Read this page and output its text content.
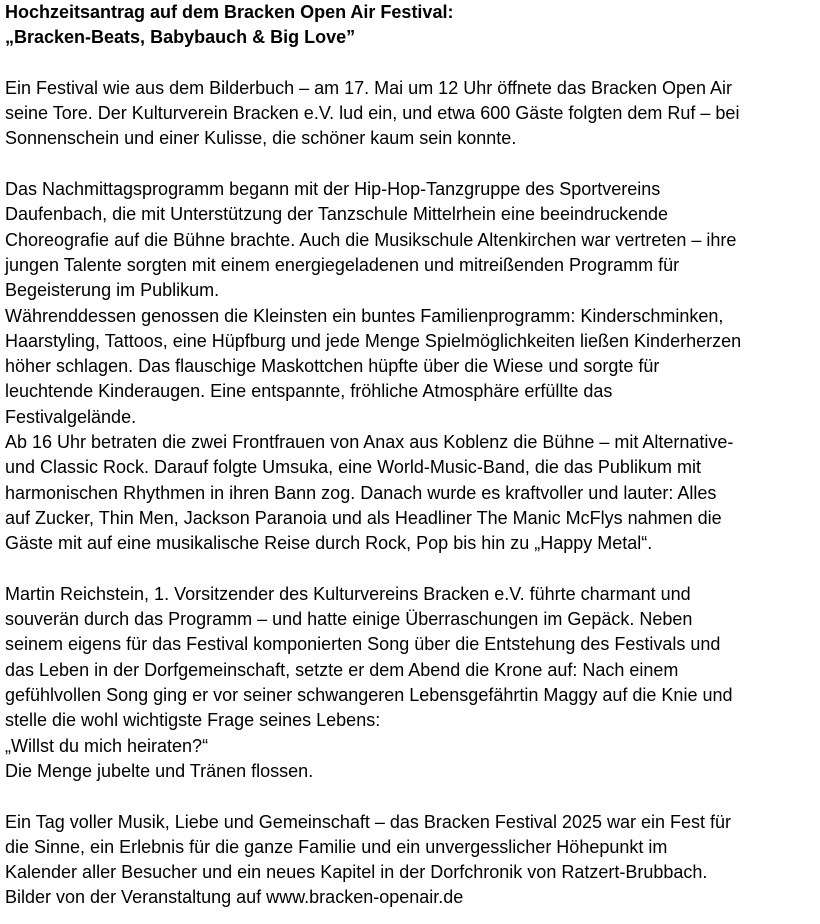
Hochzeitsantrag auf dem Bracken Open Air Festival:
„Bracken-Beats, Babybauch & Big Love”
Ein Festival wie aus dem Bilderbuch – am 17. Mai um 12 Uhr öffnete das Bracken Open Air
seine Tore. Der Kulturverein Bracken e.V. lud ein, und etwa 600 Gäste folgten dem Ruf – bei
Sonnenschein und einer Kulisse, die schöner kaum sein konnte.
Das Nachmittagsprogramm begann mit der Hip-Hop-Tanzgruppe des Sportvereins
Daufenbach, die mit Unterstützung der Tanzschule Mittelrhein eine beeindruckende
Choreografie auf die Bühne brachte. Auch die Musikschule Altenkirchen war vertreten – ihre
jungen Talente sorgten mit einem energiegeladenen und mitreißenden Programm für
Begeisterung im Publikum.
Währenddessen genossen die Kleinsten ein buntes Familienprogramm: Kinderschminken,
Haarstyling, Tattoos, eine Hüpfburg und jede Menge Spielmöglichkeiten ließen Kinderherzen
höher schlagen. Das flauschige Maskottchen hüpfte über die Wiese und sorgte für
leuchtende Kinderaugen. Eine entspannte, fröhliche Atmosphäre erfüllte das
Festivalgelände.
Ab 16 Uhr betraten die zwei Frontfrauen von Anax aus Koblenz die Bühne – mit Alternative-
und Classic Rock. Darauf folgte Umsuka, eine World-Music-Band, die das Publikum mit
harmonischen Rhythmen in ihren Bann zog. Danach wurde es kraftvoller und lauter: Alles
auf Zucker, Thin Men, Jackson Paranoia und als Headliner The Manic McFlys nahmen die
Gäste mit auf eine musikalische Reise durch Rock, Pop bis hin zu „Happy Metal“.
Martin Reichstein, 1. Vorsitzender des Kulturvereins Bracken e.V. führte charmant und
souverän durch das Programm – und hatte einige Überraschungen im Gepäck. Neben
seinem eigens für das Festival komponierten Song über die Entstehung des Festivals und
das Leben in der Dorfgemeinschaft, setzte er dem Abend die Krone auf: Nach einem
gefühlvollen Song ging er vor seiner schwangeren Lebensgefährtin Maggy auf die Knie und
stelle die wohl wichtigste Frage seines Lebens:
„Willst du mich heiraten?“
Die Menge jubelte und Tränen flossen.
Ein Tag voller Musik, Liebe und Gemeinschaft – das Bracken Festival 2025 war ein Fest für
die Sinne, ein Erlebnis für die ganze Familie und ein unvergesslicher Höhepunkt im
Kalender aller Besucher und ein neues Kapitel in der Dorfchronik von Ratzert-Brubbach.
Bilder von der Veranstaltung auf www.bracken-openair.de
